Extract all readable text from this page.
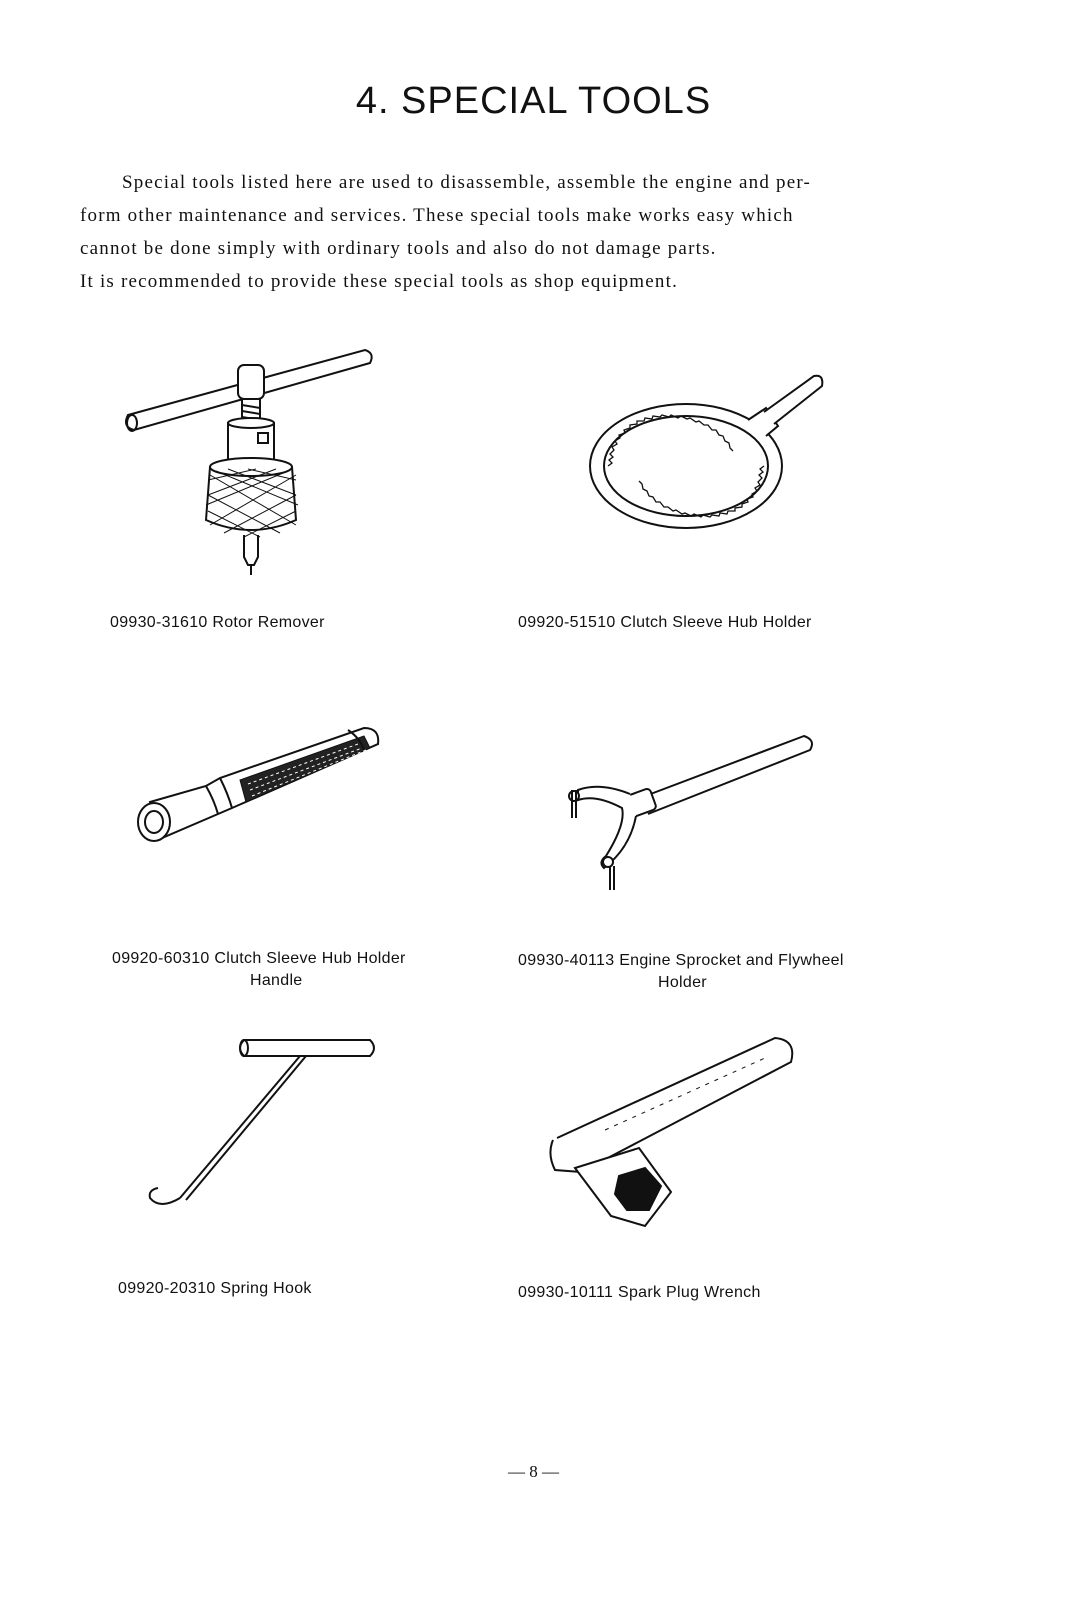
4. SPECIAL TOOLS

Special tools listed here are used to disassemble, assemble the engine and per-
form other maintenance and services. These special tools make works easy which
cannot be done simply with ordinary tools and also do not damage parts.
It is recommended to provide these special tools as shop equipment.

09930-31610 Rotor Remover	09920-51510 Clutch Sleeve Hub Holder
09920-60310 Clutch Sleeve Hub Holder
Handle
09930-40113 Engine Sprocket and Flywheel
Holder
09920-20310 Spring Hook	09930-10111 Spark Plug Wrench
— 8 —
